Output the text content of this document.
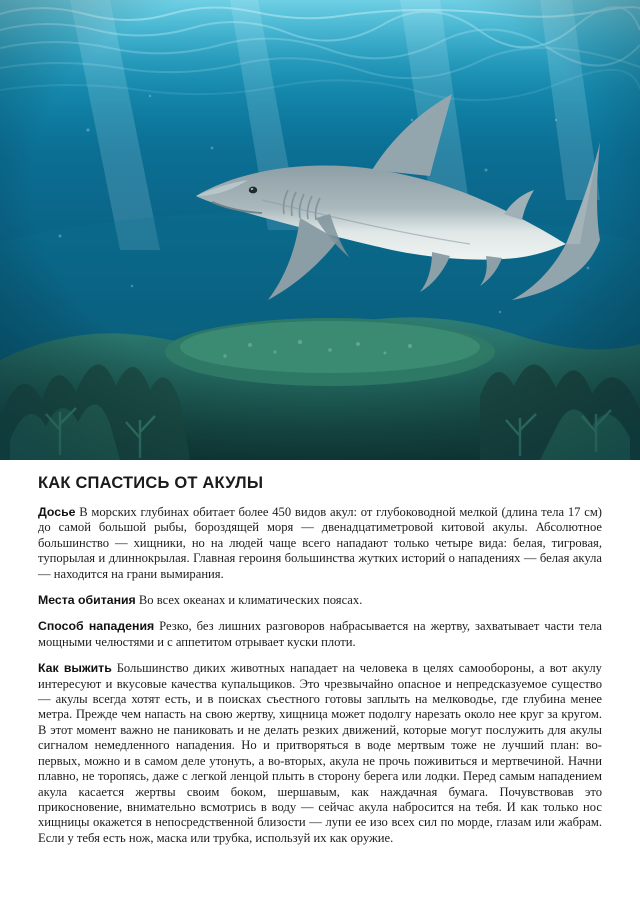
КАК СПАСТИСЬ ОТ АКУЛЫ

Досье В морских глубинах обитает более 450 видов акул: от глубоководной мелкой (длина тела 17 см) до самой большой рыбы, бороздящей моря — двенадцатиметровой китовой акулы. Абсолютное большинство — хищники, но на людей чаще всего нападают только четыре вида: белая, тигровая, тупорылая и длиннокрылая. Главная героиня большинства жутких историй о нападениях — белая акула — находится на грани вымирания.

Места обитания Во всех океанах и климатических поясах.

Способ нападения Резко, без лишних разговоров набрасывается на жертву, захватывает части тела мощными челюстями и с аппетитом отрывает куски плоти.

Как выжить Большинство диких животных нападает на человека в целях самообороны, а вот акулу интересуют и вкусовые качества купальщиков. Это чрезвычайно опасное и непредсказуемое существо — акулы всегда хотят есть, и в поисках съестного готовы заплыть на мелководье, где глубина менее метра. Прежде чем напасть на свою жертву, хищница может подолгу нарезать около нее круг за кругом. В этот момент важно не паниковать и не делать резких движений, которые могут послужить для акулы сигналом немедленного нападения. Но и притворяться в воде мертвым тоже не лучший план: во-первых, можно и в самом деле утонуть, а во-вторых, акула не прочь поживиться и мертвечиной. Начни плавно, не торопясь, даже с легкой ленцой плыть в сторону берега или лодки. Перед самым нападением акула касается жертвы своим боком, шершавым, как наждачная бумага. Почувствовав это прикосновение, внимательно всмотрись в воду — сейчас акула набросится на тебя. И как только нос хищницы окажется в непосредственной близости — лупи ее изо всех сил по морде, глазам или жабрам. Если у тебя есть нож, маска или трубка, используй их как оружие.
